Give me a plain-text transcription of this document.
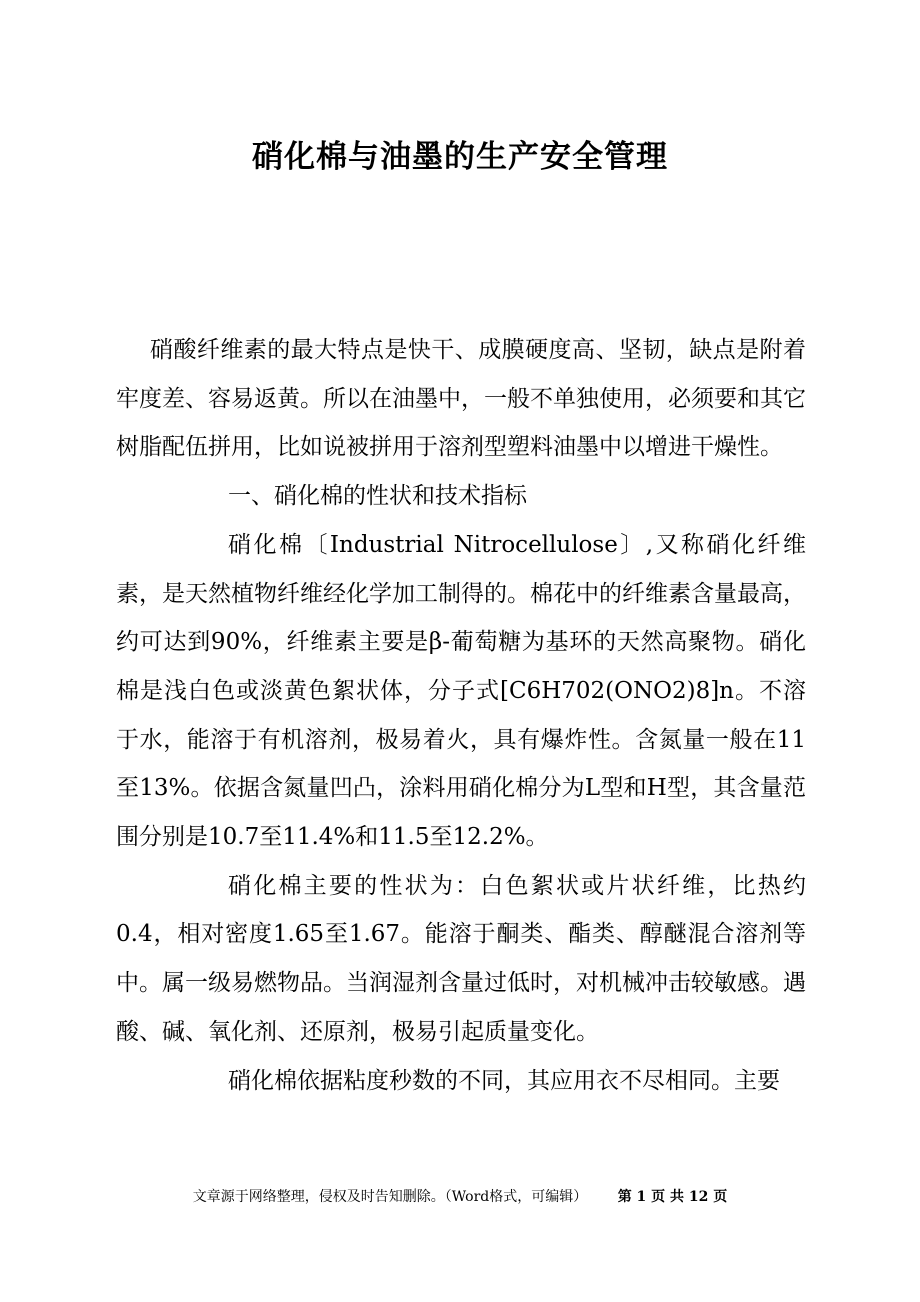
硝化棉与油墨的生产安全管理

硝酸纤维素的最大特点是快干、成膜硬度高、坚韧，缺点是附着牢度差、容易返黄。所以在油墨中，一般不单独使用，必须要和其它树脂配伍拼用，比如说被拼用于溶剂型塑料油墨中以增进干燥性。

一、硝化棉的性状和技术指标

硝化棉〔Industrial Nitrocellulose〕,又称硝化纤维素，是天然植物纤维经化学加工制得的。棉花中的纤维素含量最高，约可达到90%，纤维素主要是β-葡萄糖为基环的天然高聚物。硝化棉是浅白色或淡黄色絮状体，分子式[C6H702(ONO2)8]n。不溶于水，能溶于有机溶剂，极易着火，具有爆炸性。含氮量一般在11至13%。依据含氮量凹凸，涂料用硝化棉分为L型和H型，其含量范围分别是10.7至11.4%和11.5至12.2%。

硝化棉主要的性状为：白色絮状或片状纤维，比热约0.4，相对密度1.65至1.67。能溶于酮类、酯类、醇醚混合溶剂等中。属一级易燃物品。当润湿剂含量过低时，对机械冲击较敏感。遇酸、碱、氧化剂、还原剂，极易引起质量变化。

硝化棉依据粘度秒数的不同，其应用衣不尽相同。主要

文章源于网络整理，侵权及时告知删除。（Word格式，可编辑） 第 1 页 共 12 页
